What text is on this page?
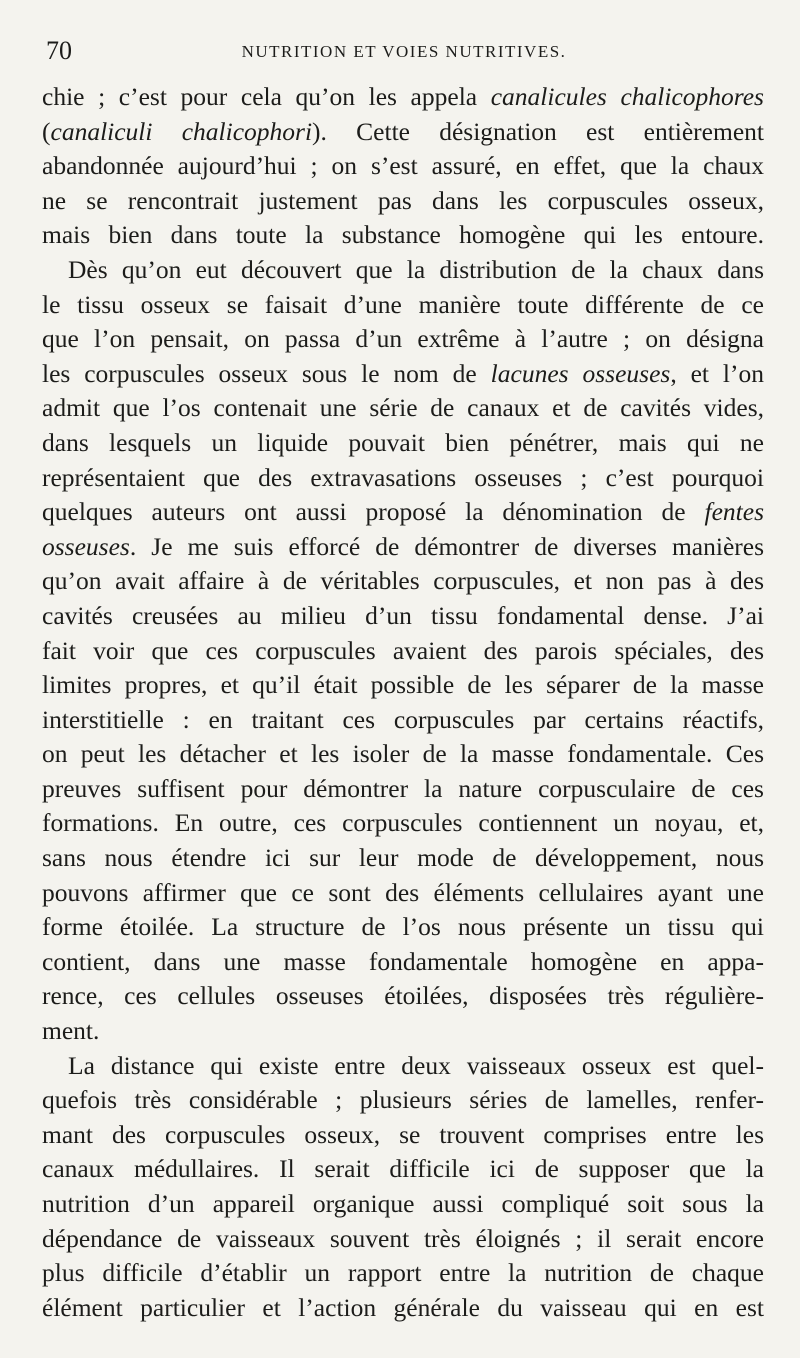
70	NUTRITION ET VOIES NUTRITIVES.
chie ; c’est pour cela qu’on les appela canalicules chalicophores
(canaliculi chalicophori). Cette désignation est entièrement
abandonnée aujourd’hui ; on s’est assuré, en effet, que la chaux
ne se rencontrait justement pas dans les corpuscules osseux,
mais bien dans toute la substance homogène qui les entoure.
Dès qu’on eut découvert que la distribution de la chaux dans
le tissu osseux se faisait d’une manière toute différente de ce
que l’on pensait, on passa d’un extrême à l’autre ; on désigna
les corpuscules osseux sous le nom de lacunes osseuses, et l’on
admit que l’os contenait une série de canaux et de cavités vides,
dans lesquels un liquide pouvait bien pénétrer, mais qui ne
représentaient que des extravasations osseuses ; c’est pourquoi
quelques auteurs ont aussi proposé la dénomination de fentes
osseuses. Je me suis efforcé de démontrer de diverses manières
qu’on avait affaire à de véritables corpuscules, et non pas à des
cavités creusées au milieu d’un tissu fondamental dense. J’ai
fait voir que ces corpuscules avaient des parois spéciales, des
limites propres, et qu’il était possible de les séparer de la masse
interstitielle : en traitant ces corpuscules par certains réactifs,
on peut les détacher et les isoler de la masse fondamentale. Ces
preuves suffisent pour démontrer la nature corpusculaire de ces
formations. En outre, ces corpuscules contiennent un noyau, et,
sans nous étendre ici sur leur mode de développement, nous
pouvons affirmer que ce sont des éléments cellulaires ayant une
forme étoilée. La structure de l’os nous présente un tissu qui
contient, dans une masse fondamentale homogène en appa-
rence, ces cellules osseuses étoilées, disposées très régulière-
ment.
La distance qui existe entre deux vaisseaux osseux est quel-
quefois très considérable ; plusieurs séries de lamelles, renfer-
mant des corpuscules osseux, se trouvent comprises entre les
canaux médullaires. Il serait difficile ici de supposer que la
nutrition d’un appareil organique aussi compliqué soit sous la
dépendance de vaisseaux souvent très éloignés ; il serait encore
plus difficile d’établir un rapport entre la nutrition de chaque
élément particulier et l’action générale du vaisseau qui en est
